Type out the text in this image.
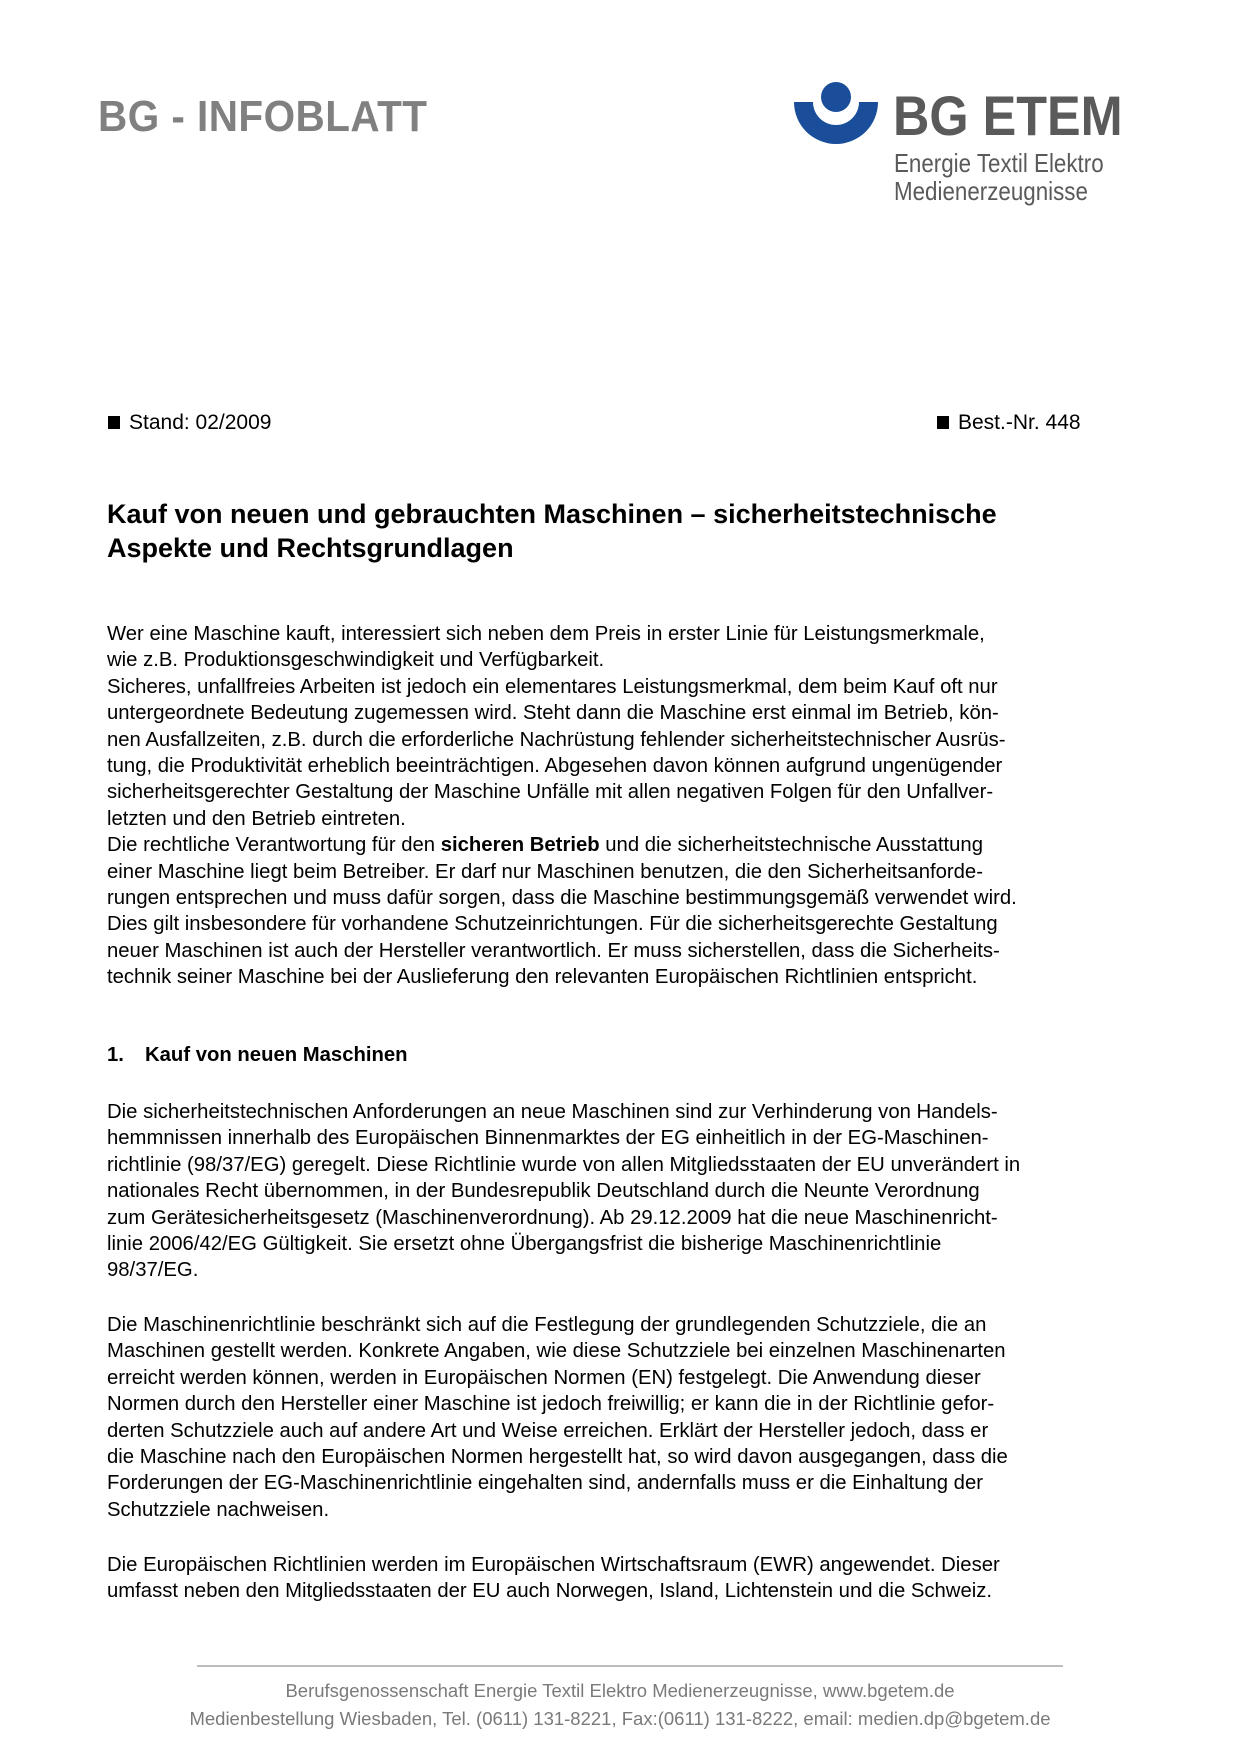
BG - INFOBLATT	BG ETEM
Energie Textil Elektro
Medienerzeugnisse
Stand: 02/2009	Best.-Nr. 448
Kauf von neuen und gebrauchten Maschinen – sicherheitstechnische
Aspekte und Rechtsgrundlagen
Wer eine Maschine kauft, interessiert sich neben dem Preis in erster Linie für Leistungsmerkmale,
wie z.B. Produktionsgeschwindigkeit und Verfügbarkeit.
Sicheres, unfallfreies Arbeiten ist jedoch ein elementares Leistungsmerkmal, dem beim Kauf oft nur
untergeordnete Bedeutung zugemessen wird. Steht dann die Maschine erst einmal im Betrieb, kön-
nen Ausfallzeiten, z.B. durch die erforderliche Nachrüstung fehlender sicherheitstechnischer Ausrüs-
tung, die Produktivität erheblich beeinträchtigen. Abgesehen davon können aufgrund ungenügender
sicherheitsgerechter Gestaltung der Maschine Unfälle mit allen negativen Folgen für den Unfallver-
letzten und den Betrieb eintreten.
Die rechtliche Verantwortung für den sicheren Betrieb und die sicherheitstechnische Ausstattung
einer Maschine liegt beim Betreiber. Er darf nur Maschinen benutzen, die den Sicherheitsanforde-
rungen entsprechen und muss dafür sorgen, dass die Maschine bestimmungsgemäß verwendet wird.
Dies gilt insbesondere für vorhandene Schutzeinrichtungen. Für die sicherheitsgerechte Gestaltung
neuer Maschinen ist auch der Hersteller verantwortlich. Er muss sicherstellen, dass die Sicherheits-
technik seiner Maschine bei der Auslieferung den relevanten Europäischen Richtlinien entspricht.
1. Kauf von neuen Maschinen
Die sicherheitstechnischen Anforderungen an neue Maschinen sind zur Verhinderung von Handels-
hemmnissen innerhalb des Europäischen Binnenmarktes der EG einheitlich in der EG-Maschinen-
richtlinie (98/37/EG) geregelt. Diese Richtlinie wurde von allen Mitgliedsstaaten der EU unverändert in
nationales Recht übernommen, in der Bundesrepublik Deutschland durch die Neunte Verordnung
zum Gerätesicherheitsgesetz (Maschinenverordnung). Ab 29.12.2009 hat die neue Maschinenricht-
linie 2006/42/EG Gültigkeit. Sie ersetzt ohne Übergangsfrist die bisherige Maschinenrichtlinie
98/37/EG.
Die Maschinenrichtlinie beschränkt sich auf die Festlegung der grundlegenden Schutzziele, die an
Maschinen gestellt werden. Konkrete Angaben, wie diese Schutzziele bei einzelnen Maschinenarten
erreicht werden können, werden in Europäischen Normen (EN) festgelegt. Die Anwendung dieser
Normen durch den Hersteller einer Maschine ist jedoch freiwillig; er kann die in der Richtlinie gefor-
derten Schutzziele auch auf andere Art und Weise erreichen. Erklärt der Hersteller jedoch, dass er
die Maschine nach den Europäischen Normen hergestellt hat, so wird davon ausgegangen, dass die
Forderungen der EG-Maschinenrichtlinie eingehalten sind, andernfalls muss er die Einhaltung der
Schutzziele nachweisen.
Die Europäischen Richtlinien werden im Europäischen Wirtschaftsraum (EWR) angewendet. Dieser
umfasst neben den Mitgliedsstaaten der EU auch Norwegen, Island, Lichtenstein und die Schweiz.
Berufsgenossenschaft Energie Textil Elektro Medienerzeugnisse, www.bgetem.de
Medienbestellung Wiesbaden, Tel. (0611) 131-8221, Fax:(0611) 131-8222, email: medien.dp@bgetem.de
